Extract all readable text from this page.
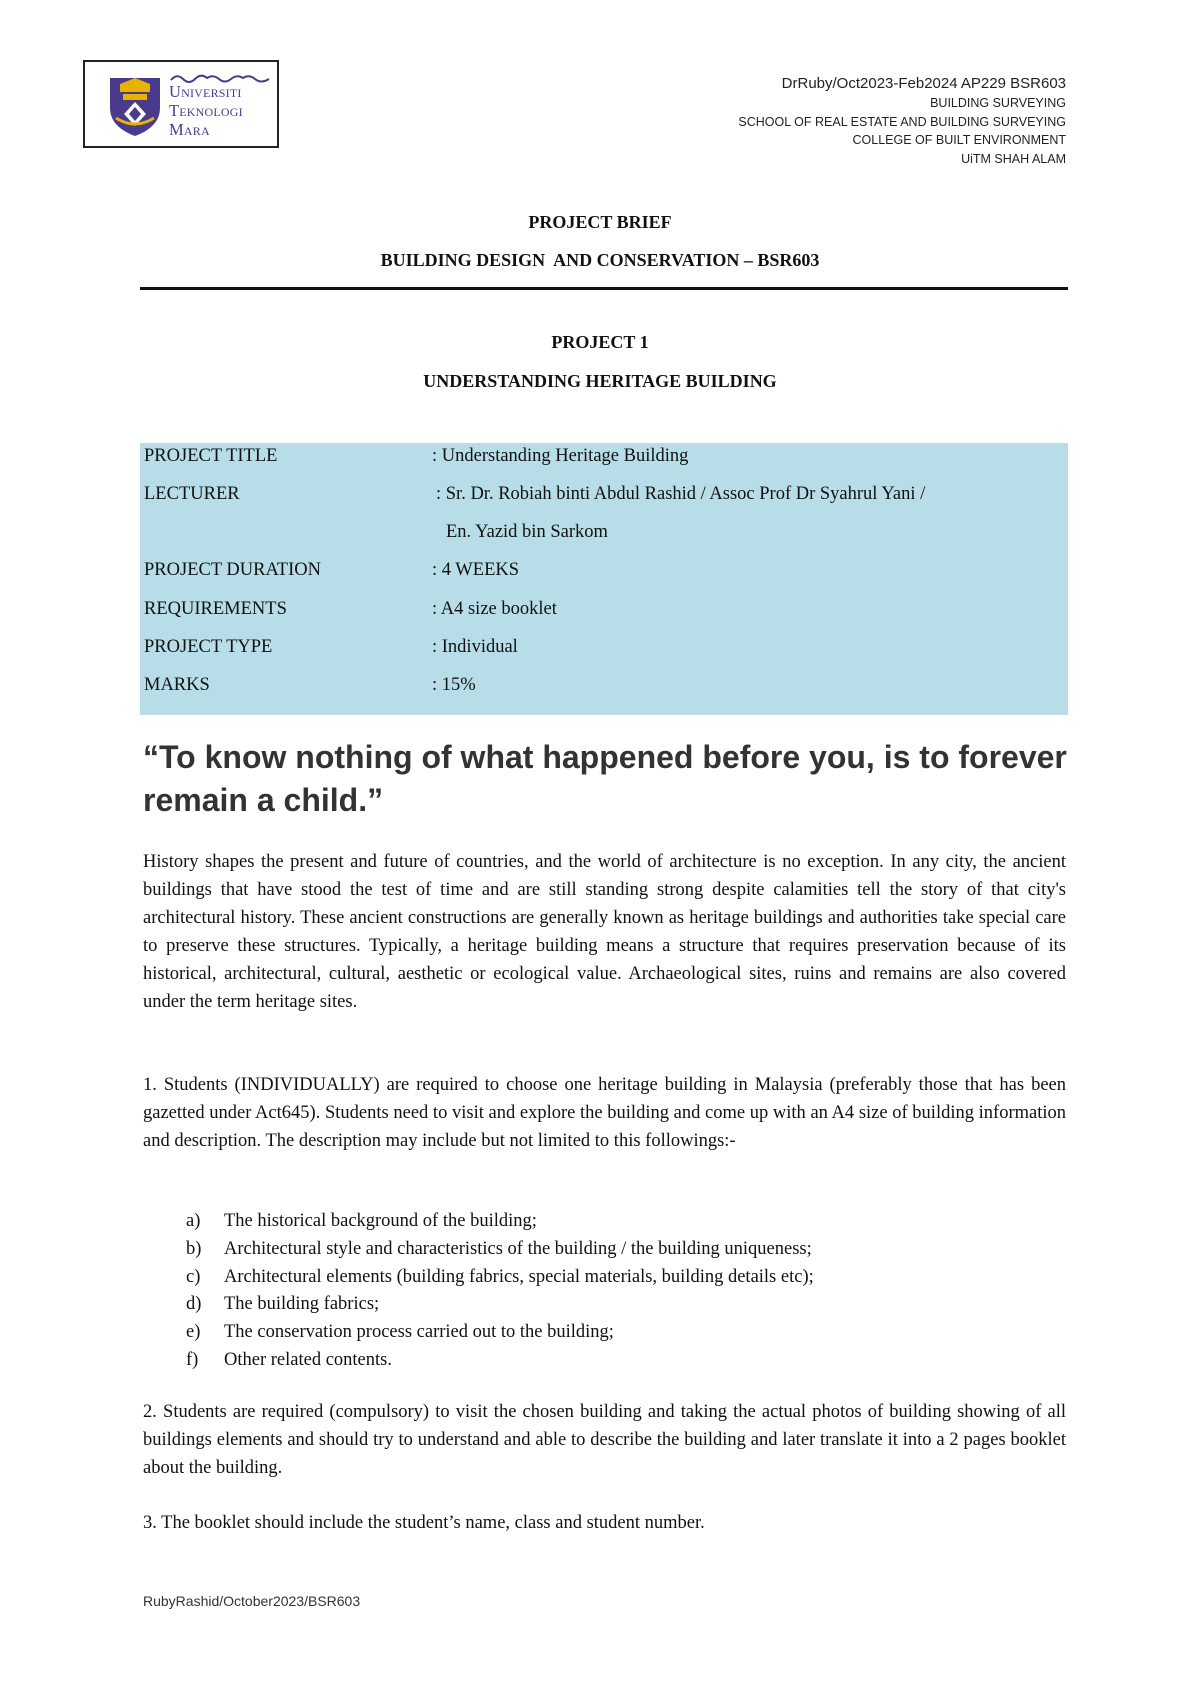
Universiti
Teknologi
Mara
DrRuby/Oct2023-Feb2024 AP229 BSR603
BUILDING SURVEYING
SCHOOL OF REAL ESTATE AND BUILDING SURVEYING
COLLEGE OF BUILT ENVIRONMENT
UiTM SHAH ALAM
PROJECT BRIEF
BUILDING DESIGN  AND CONSERVATION – BSR603
PROJECT 1
UNDERSTANDING HERITAGE BUILDING
PROJECT TITLE	: Understanding Heritage Building
LECTURER	: Sr. Dr. Robiah binti Abdul Rashid / Assoc Prof Dr Syahrul Yani /
En. Yazid bin Sarkom
PROJECT DURATION	: 4 WEEKS
REQUIREMENTS	: A4 size booklet
PROJECT TYPE	: Individual
MARKS	: 15%
“To know nothing of what happened before you, is to forever remain a child.”
History shapes the present and future of countries, and the world of architecture is no exception. In any city, the ancient buildings that have stood the test of time and are still standing strong despite calamities tell the story of that city's architectural history. These ancient constructions are generally known as heritage buildings and authorities take special care to preserve these structures. Typically, a heritage building means a structure that requires preservation because of its historical, architectural, cultural, aesthetic or ecological value. Archaeological sites, ruins and remains are also covered under the term heritage sites.
1. Students (INDIVIDUALLY) are required to choose one heritage building in Malaysia (preferably those that has been gazetted under Act645). Students need to visit and explore the building and come up with an A4 size of building information and description. The description may include but not limited to this followings:-
a) The historical background of the building;
b) Architectural style and characteristics of the building / the building uniqueness;
c) Architectural elements (building fabrics, special materials, building details etc);
d) The building fabrics;
e) The conservation process carried out to the building;
f) Other related contents.
2. Students are required (compulsory) to visit the chosen building and taking the actual photos of building showing of all buildings elements and should try to understand and able to describe the building and later translate it into a 2 pages booklet about the building.
3. The booklet should include the student’s name, class and student number.
RubyRashid/October2023/BSR603
